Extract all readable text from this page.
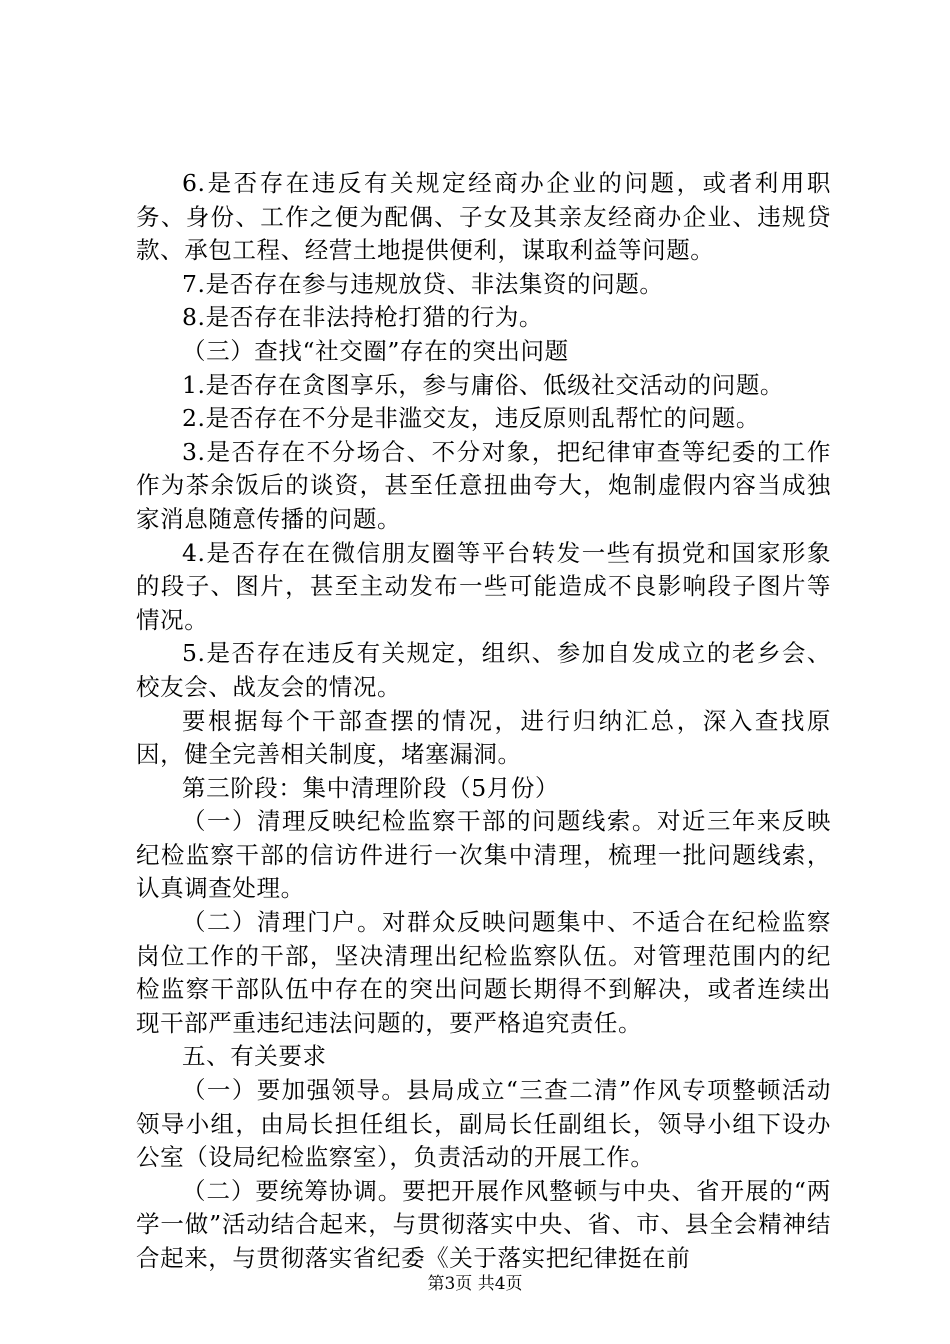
6.是否存在违反有关规定经商办企业的问题，或者利用职务、身份、工作之便为配偶、子女及其亲友经商办企业、违规贷款、承包工程、经营土地提供便利，谋取利益等问题。

7.是否存在参与违规放贷、非法集资的问题。

8.是否存在非法持枪打猎的行为。

（三）查找“社交圈”存在的突出问题

1.是否存在贪图享乐，参与庸俗、低级社交活动的问题。

2.是否存在不分是非滥交友，违反原则乱帮忙的问题。

3.是否存在不分场合、不分对象，把纪律审查等纪委的工作作为茶余饭后的谈资，甚至任意扭曲夸大，炮制虚假内容当成独家消息随意传播的问题。

4.是否存在在微信朋友圈等平台转发一些有损党和国家形象的段子、图片，甚至主动发布一些可能造成不良影响段子图片等情况。

5.是否存在违反有关规定，组织、参加自发成立的老乡会、校友会、战友会的情况。

要根据每个干部查摆的情况，进行归纳汇总，深入查找原因，健全完善相关制度，堵塞漏洞。

第三阶段：集中清理阶段（5月份）

（一）清理反映纪检监察干部的问题线索。对近三年来反映纪检监察干部的信访件进行一次集中清理，梳理一批问题线索，认真调查处理。

（二）清理门户。对群众反映问题集中、不适合在纪检监察岗位工作的干部，坚决清理出纪检监察队伍。对管理范围内的纪检监察干部队伍中存在的突出问题长期得不到解决，或者连续出现干部严重违纪违法问题的，要严格追究责任。

五、有关要求

（一）要加强领导。县局成立“三查二清”作风专项整顿活动领导小组，由局长担任组长，副局长任副组长，领导小组下设办公室（设局纪检监察室），负责活动的开展工作。

（二）要统筹协调。要把开展作风整顿与中央、省开展的“两学一做”活动结合起来，与贯彻落实中央、省、市、县全会精神结合起来，与贯彻落实省纪委《关于落实把纪律挺在前

第3页 共4页
